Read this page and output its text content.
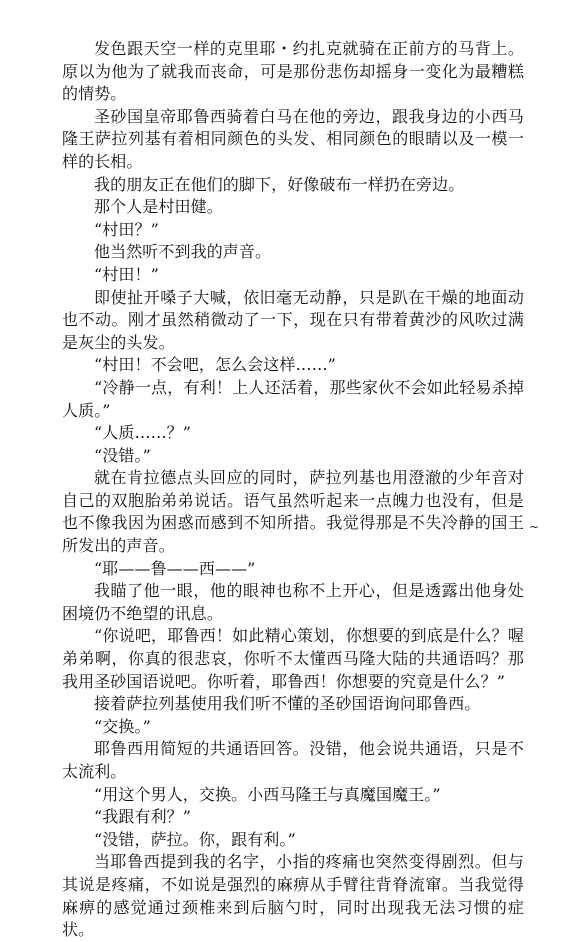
发色跟天空一样的克里耶・约扎克就骑在正前方的马背上。原以为他为了就我而丧命，可是那份悲伤却摇身一变化为最糟糕的情势。

圣砂国皇帝耶鲁西骑着白马在他的旁边，跟我身边的小西马隆王萨拉列基有着相同颜色的头发、相同颜色的眼睛以及一模一样的长相。

我的朋友正在他们的脚下，好像破布一样扔在旁边。

那个人是村田健。

“村田？”

他当然听不到我的声音。

“村田！”

即使扯开嗓子大喊，依旧毫无动静，只是趴在干燥的地面动也不动。刚才虽然稍微动了一下，现在只有带着黄沙的风吹过满是灰尘的头发。

“村田！不会吧，怎么会这样……”

“冷静一点，有利！上人还活着，那些家伙不会如此轻易杀掉人质。”

“人质……？”

“没错。”

就在肯拉德点头回应的同时，萨拉列基也用澄澈的少年音对自己的双胞胎弟弟说话。语气虽然听起来一点魄力也没有，但是也不像我因为困惑而感到不知所措。我觉得那是不失冷静的国王所发出的声音。

“耶——鲁——西——”

我瞄了他一眼，他的眼神也称不上开心，但是透露出他身处困境仍不绝望的讯息。

“你说吧，耶鲁西！如此精心策划，你想要的到底是什么？喔弟弟啊，你真的很悲哀，你听不太懂西马隆大陆的共通语吗？那我用圣砂国语说吧。你听着，耶鲁西！你想要的究竟是什么？”

接着萨拉列基使用我们听不懂的圣砂国语询问耶鲁西。

“交换。”

耶鲁西用简短的共通语回答。没错，他会说共通语，只是不太流利。

“用这个男人，交换。小西马隆王与真魔国魔王。”

“我跟有利？”

“没错，萨拉。你，跟有利。”

当耶鲁西提到我的名字，小指的疼痛也突然变得剧烈。但与其说是疼痛，不如说是强烈的麻痹从手臂往背脊流窜。当我觉得麻痹的感觉通过颈椎来到后脑勺时，同时出现我无法习惯的症状。

~
